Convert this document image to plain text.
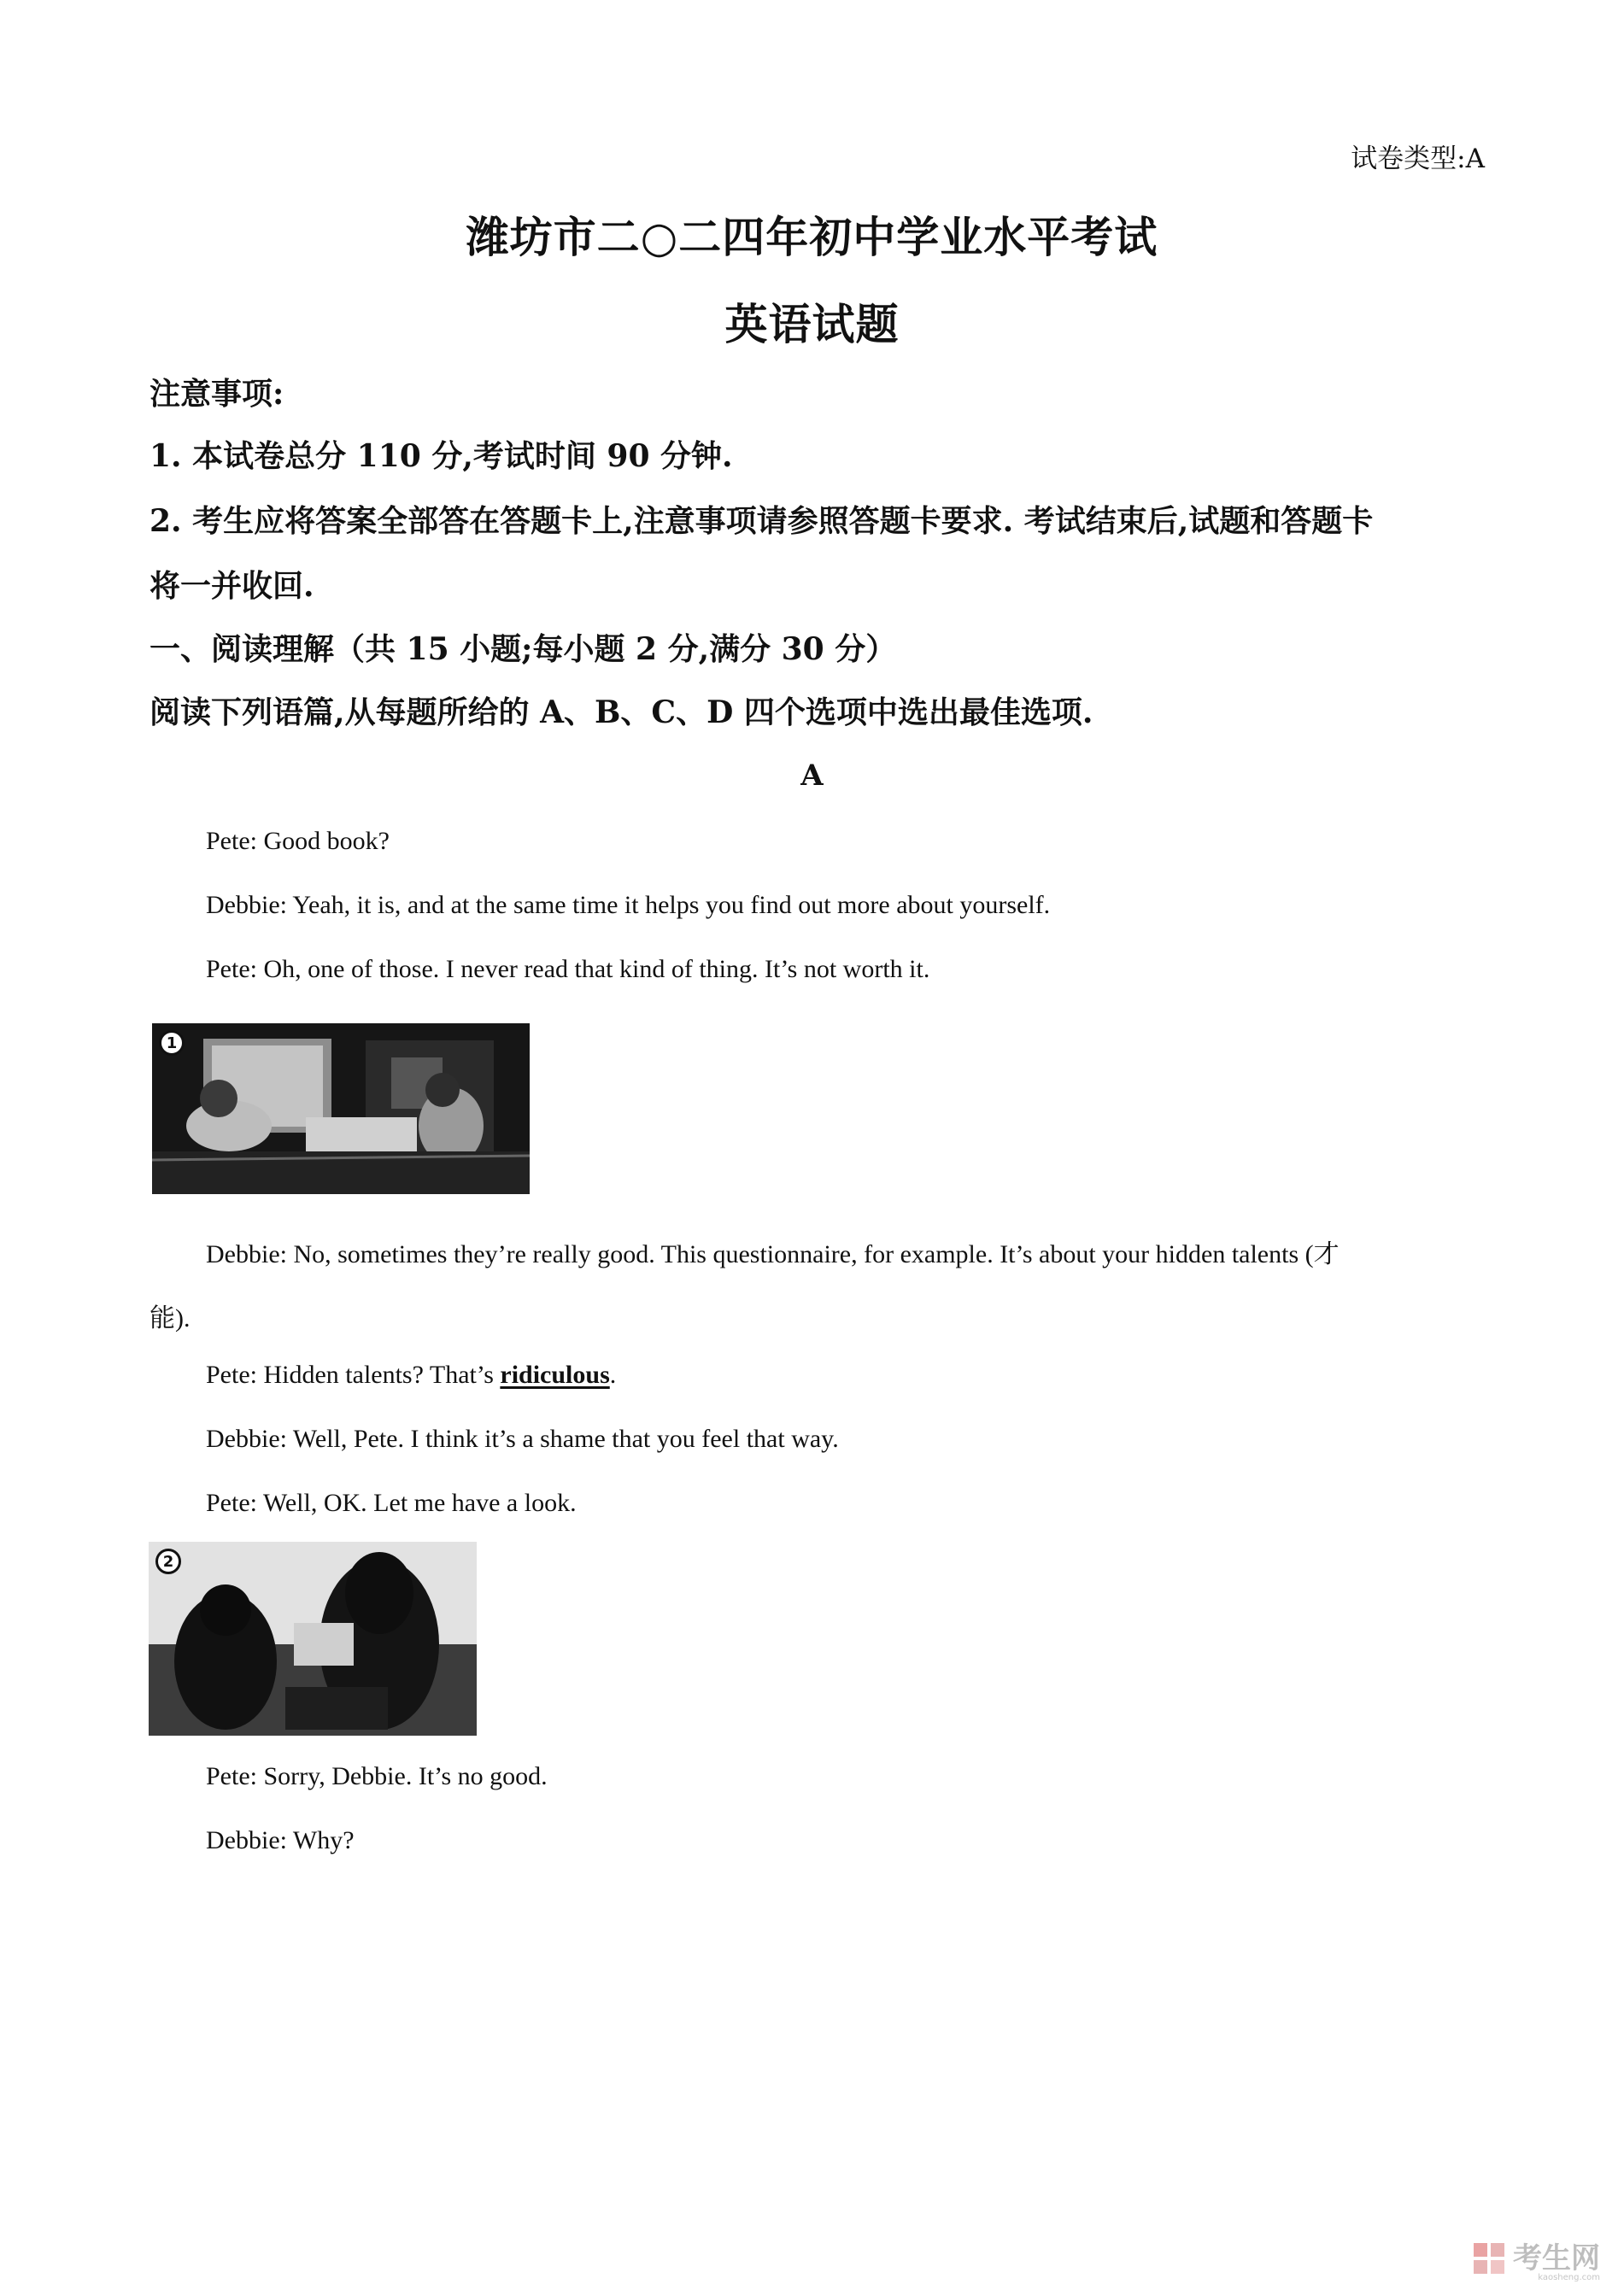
试卷类型:A
潍坊市二○二四年初中学业水平考试
英语试题
注意事项:
1. 本试卷总分 110 分,考试时间 90 分钟.
2. 考生应将答案全部答在答题卡上,注意事项请参照答题卡要求. 考试结束后,试题和答题卡
将一并收回.
一、阅读理解（共 15 小题;每小题 2 分,满分 30 分）
阅读下列语篇,从每题所给的 A、B、C、D 四个选项中选出最佳选项.
A
Pete: Good book?
Debbie: Yeah, it is, and at the same time it helps you find out more about yourself.
Pete: Oh, one of those. I never read that kind of thing. It’s not worth it.
1
Debbie: No, sometimes they’re really good. This questionnaire, for example. It’s about your hidden talents (才
能).
Pete: Hidden talents? That’s ridiculous.
Debbie: Well, Pete. I think it’s a shame that you feel that way.
Pete: Well, OK. Let me have a look.
2
Pete: Sorry, Debbie. It’s no good.
Debbie: Why?
考生网
kaosheng.com
